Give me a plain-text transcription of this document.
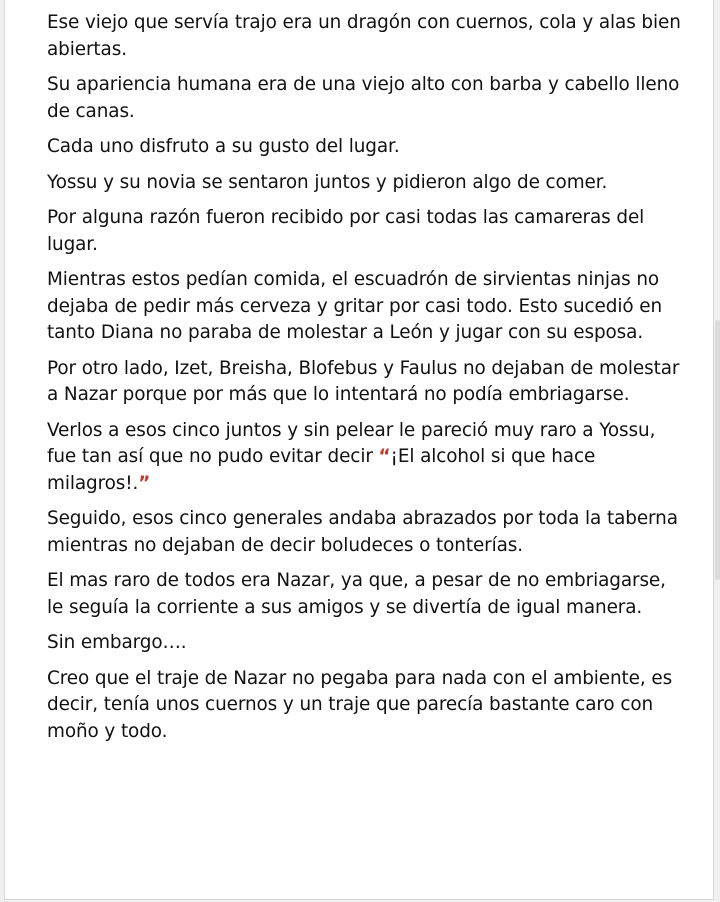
Ese viejo que servía trajo era un dragón con cuernos, cola y alas bien abiertas.

Su apariencia humana era de una viejo alto con barba y cabello lleno de canas.

Cada uno disfruto a su gusto del lugar.

Yossu y su novia se sentaron juntos y pidieron algo de comer.

Por alguna razón fueron recibido por casi todas las camareras del lugar.

Mientras estos pedían comida, el escuadrón de sirvientas ninjas no dejaba de pedir más cerveza y gritar por casi todo. Esto sucedió en tanto Diana no paraba de molestar a León y jugar con su esposa.

Por otro lado, Izet, Breisha, Blofebus y Faulus no dejaban de molestar a Nazar porque por más que lo intentará no podía embriagarse.

Verlos a esos cinco juntos y sin pelear le pareció muy raro a Yossu, fue tan así que no pudo evitar decir “¡El alcohol si que hace milagros!.”

Seguido, esos cinco generales andaba abrazados por toda la taberna mientras no dejaban de decir boludeces o tonterías.

El mas raro de todos era Nazar, ya que, a pesar de no embriagarse, le seguía la corriente a sus amigos y se divertía de igual manera.

Sin embargo….

Creo que el traje de Nazar no pegaba para nada con el ambiente, es decir, tenía unos cuernos y un traje que parecía bastante caro con moño y todo.
